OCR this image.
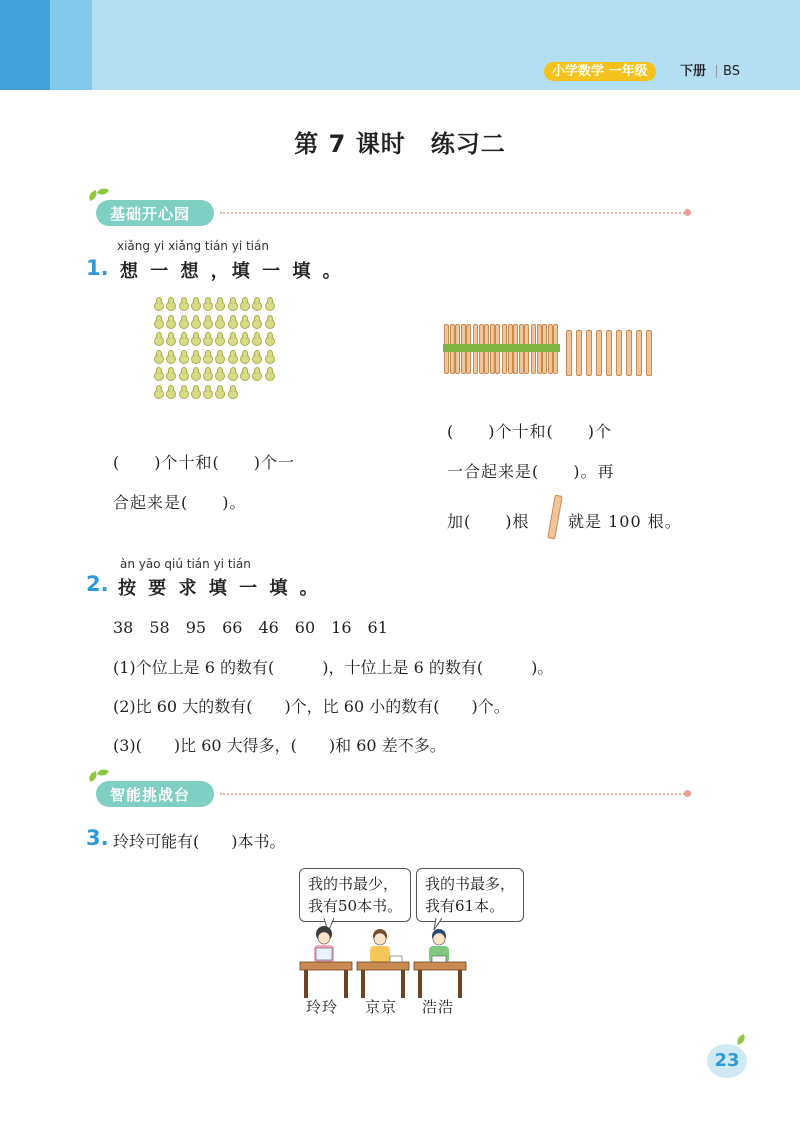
小学数学 一年级	下册 BS
第 7 课时　练习二
基础开心园
xiǎng yi xiǎng tián yi tián
1. 想 一 想 ，填 一 填 。
(　　)个十和(　　)个一
合起来是(　　)。
(　　)个十和(　　)个
一合起来是(　　)。再
加(　　)根 就是 100 根。
àn yāo qiú tián yi tián
2. 按 要 求 填 一 填 。
38　58　95　66　46　60　16　61
(1)个位上是 6 的数有(　　　)，十位上是 6 的数有(　　　)。
(2)比 60 大的数有(　　)个，比 60 小的数有(　　)个。
(3)(　　)比 60 大得多，(　　)和 60 差不多。
智能挑战台
3. 玲玲可能有(　　)本书。
我的书最少，
我有50本书。
我的书最多，
我有61本。
玲玲 京京 浩浩
23
